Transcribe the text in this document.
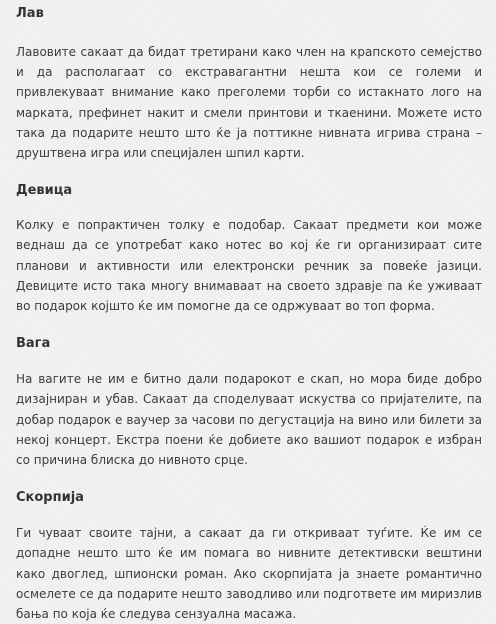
Лав

Лавовите сакаат да бидат третирани како член на крапското семејство и да располагаат со екстравагантни нешта кои се големи и привлекуваат внимание како преголеми торби со истакнато лого на марката, префинет накит и смели принтови и ткаенини. Можете исто така да подарите нешто што ќе ја поттикне нивната игрива страна – друштвена игра или специјален шпил карти.

Девица

Колку е попрактичен толку е подобар. Сакаат предмети кои може веднаш да се употребат како нотес во кој ќе ги организираат сите планови и активности или електронски речник за повеќе јазици. Девиците исто така многу внимаваат на своето здравје па ќе уживаат во подарок којшто ќе им помогне да се одржуваат во топ форма.

Вага

На вагите не им е битно дали подарокот е скап, но мора биде добро дизајниран и убав. Сакаат да споделуваат искуства со пријателите, па добар подарок е ваучер за часови по дегустација на вино или билети за некој концерт. Екстра поени ќе добиете ако вашиот подарок е избран со причина блиска до нивното срце.

Скорпија

Ги чуваат своите тајни, а сакаат да ги откриваат туѓите. Ќе им се допадне нешто што ќе им помага во нивните детективски вештини како двоглед, шпионски роман. Ако скорпијата ја знаете романтично осмелете се да подарите нешто заводливо или подгответе им миризлив бања по која ќе следува сензуална масажа.
